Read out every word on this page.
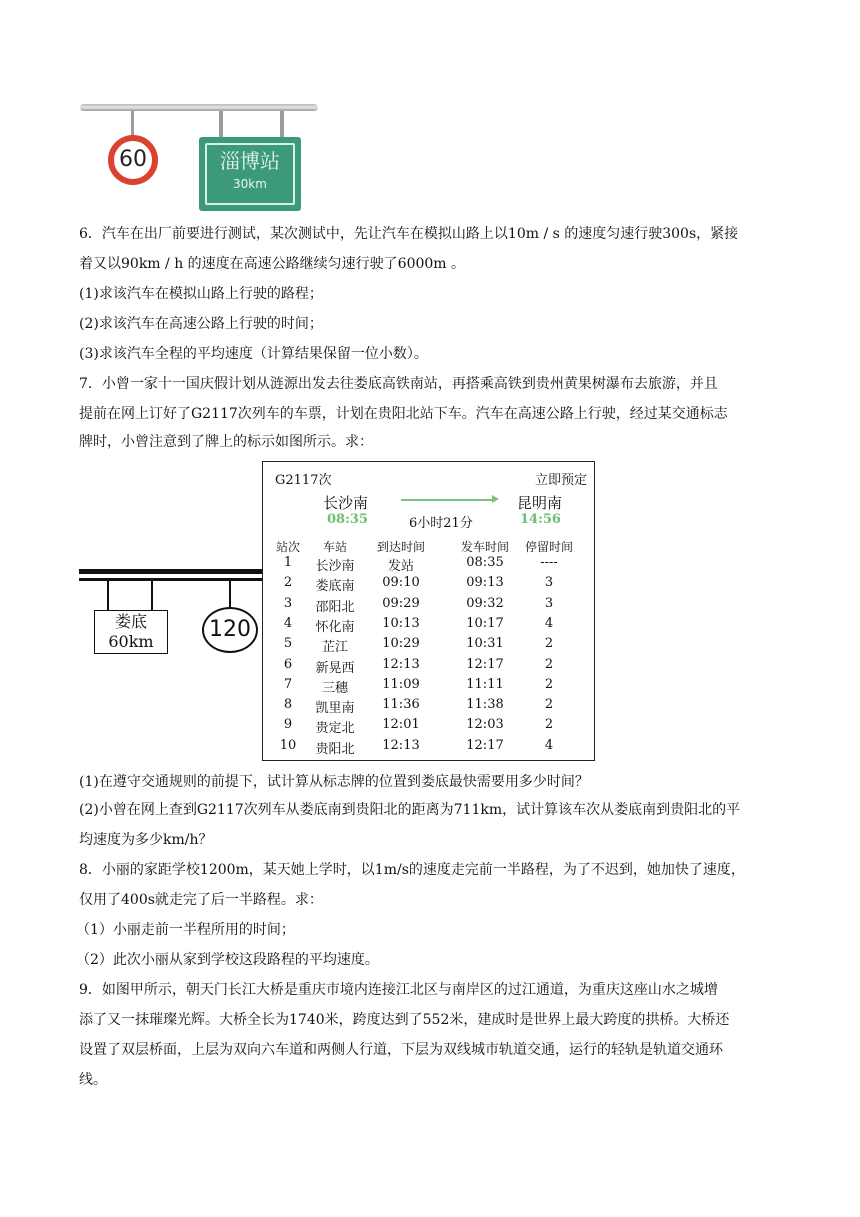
60	淄博站
30km
6．汽车在出厂前要进行测试，某次测试中，先让汽车在模拟山路上以10m / s 的速度匀速行驶300s，紧接
着又以90km / h 的速度在高速公路继续匀速行驶了6000m 。
(1)求该汽车在模拟山路上行驶的路程；
(2)求该汽车在高速公路上行驶的时间；
(3)求该汽车全程的平均速度（计算结果保留一位小数）。
7．小曾一家十一国庆假计划从涟源出发去往娄底高铁南站，再搭乘高铁到贵州黄果树瀑布去旅游，并且
提前在网上订好了G2117次列车的车票，计划在贵阳北站下车。汽车在高速公路上行驶，经过某交通标志
牌时，小曾注意到了牌上的标示如图所示。求：
娄底
60km	120
G2117次	立即预定
长沙南	昆明南
08:35	6小时21分	14:56
站次	车站	到达时间	发车时间	停留时间
1	长沙南	发站	08:35	----
2	娄底南	09:10	09:13	3
3	邵阳北	09:29	09:32	3
4	怀化南	10:13	10:17	4
5	芷江	10:29	10:31	2
6	新晃西	12:13	12:17	2
7	三穗	11:09	11:11	2
8	凯里南	11:36	11:38	2
9	贵定北	12:01	12:03	2
10	贵阳北	12:13	12:17	4
(1)在遵守交通规则的前提下，试计算从标志牌的位置到娄底最快需要用多少时间？
(2)小曾在网上查到G2117次列车从娄底南到贵阳北的距离为711km，试计算该车次从娄底南到贵阳北的平
均速度为多少km/h？
8．小丽的家距学校1200m，某天她上学时，以1m/s的速度走完前一半路程，为了不迟到，她加快了速度，
仅用了400s就走完了后一半路程。求：
（1）小丽走前一半程所用的时间；
（2）此次小丽从家到学校这段路程的平均速度。
9．如图甲所示，朝天门长江大桥是重庆市境内连接江北区与南岸区的过江通道，为重庆这座山水之城增
添了又一抹璀璨光辉。大桥全长为1740米，跨度达到了552米，建成时是世界上最大跨度的拱桥。大桥还
设置了双层桥面，上层为双向六车道和两侧人行道，下层为双线城市轨道交通，运行的轻轨是轨道交通环
线。
